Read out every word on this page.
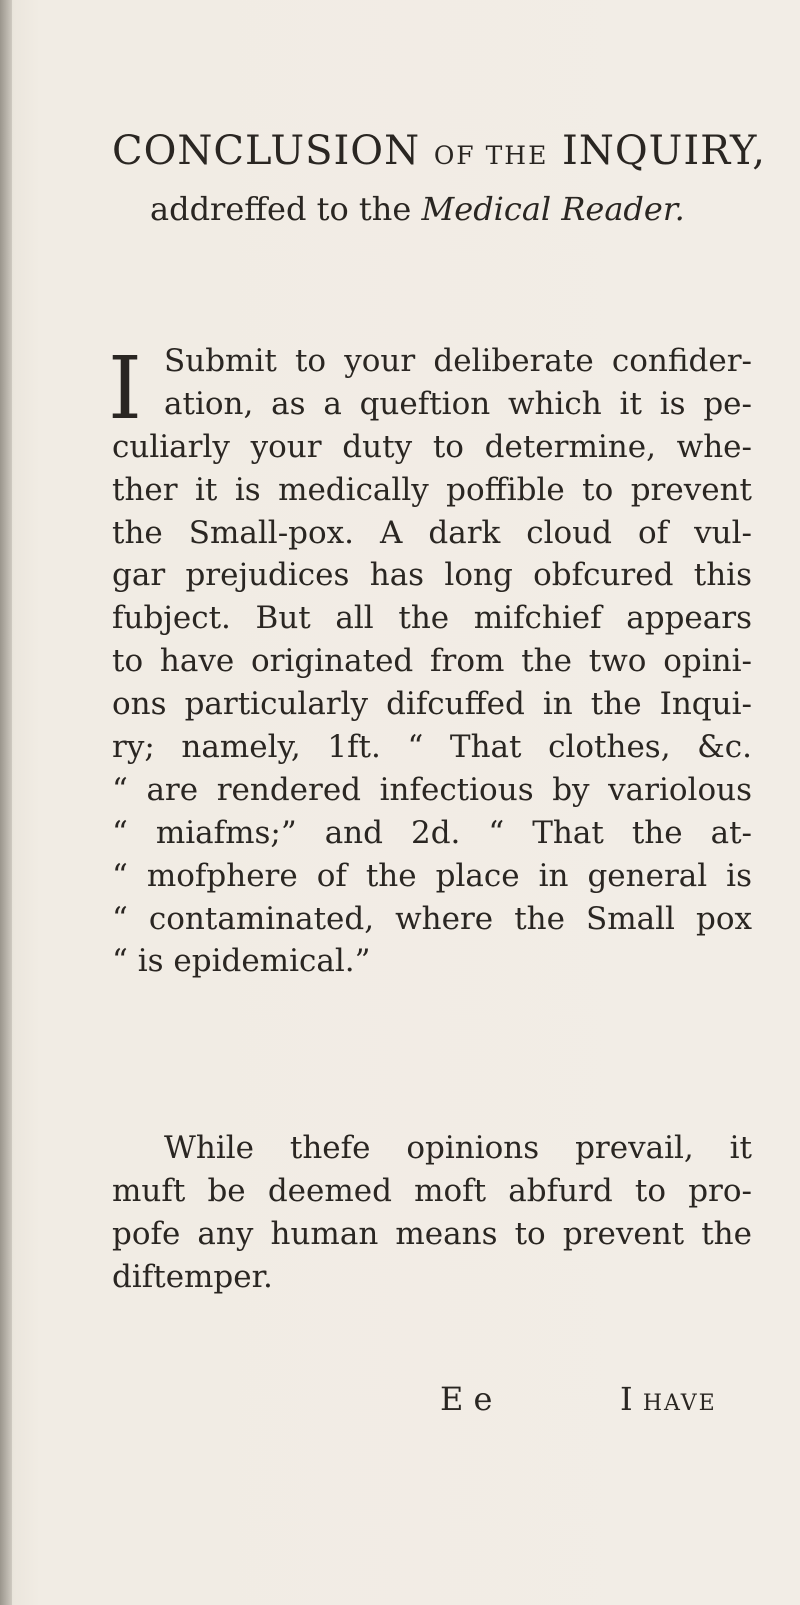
CONCLUSION OF THE INQUIRY,
addreffed to the Medical Reader.
I Submit to your deliberate confider-
ation, as a queftion which it is pe-
culiarly your duty to determine, whe-
ther it is medically poffible to prevent
the Small-pox. A dark cloud of vul-
gar prejudices has long obfcured this
fubject. But all the mifchief appears
to have originated from the two opini-
ons particularly difcuffed in the Inqui-
ry; namely, 1ft. “ That clothes, &c.
“ are rendered infectious by variolous
“ miafms;” and 2d. “ That the at-
“ mofphere of the place in general is
“ contaminated, where the Small pox
“ is epidemical.”
While thefe opinions prevail, it
muft be deemed moft abfurd to pro-
pofe any human means to prevent the
diftemper.
E e	I HAVE
